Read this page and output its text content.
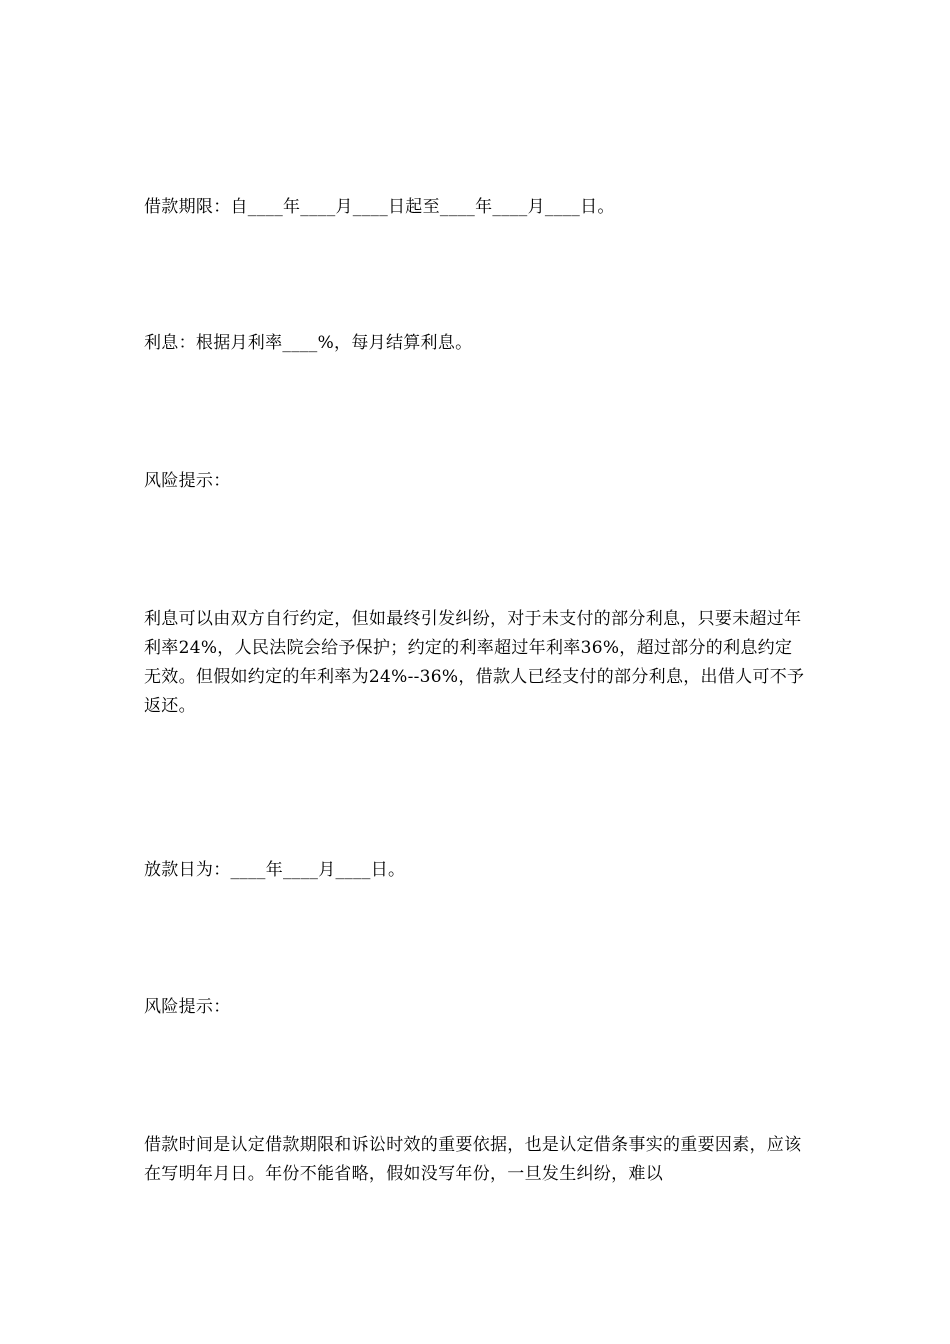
借款期限：自____年____月____日起至____年____月____日。

利息：根据月利率____%，每月结算利息。

风险提示：

利息可以由双方自行约定，但如最终引发纠纷，对于未支付的部分利息，只要未超过年利率24%，人民法院会给予保护；约定的利率超过年利率36%，超过部分的利息约定无效。但假如约定的年利率为24%--36%，借款人已经支付的部分利息，出借人可不予返还。

放款日为：____年____月____日。

风险提示：

借款时间是认定借款期限和诉讼时效的重要依据，也是认定借条事实的重要因素，应该在写明年月日。年份不能省略，假如没写年份，一旦发生纠纷，难以
